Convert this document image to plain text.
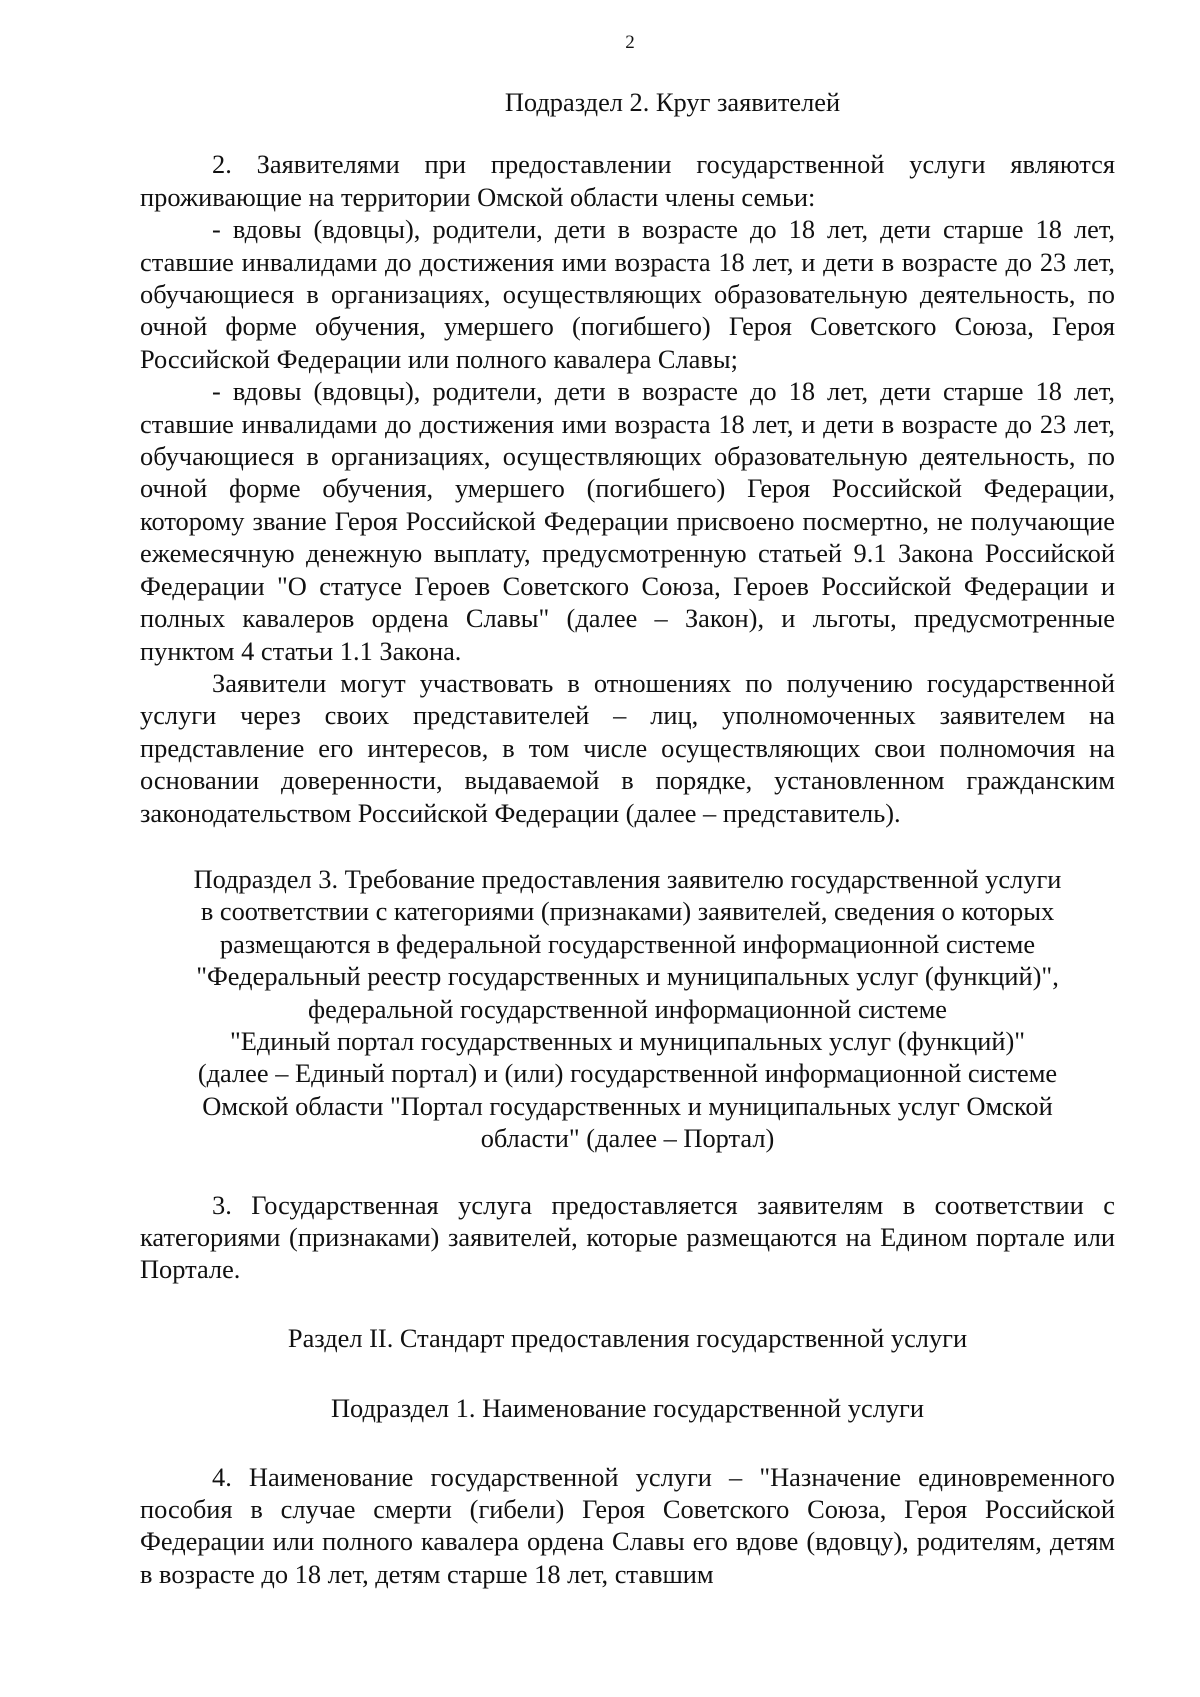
2
Подраздел 2. Круг заявителей

2. Заявителями при предоставлении государственной услуги являются проживающие на территории Омской области члены семьи:

- вдовы (вдовцы), родители, дети в возрасте до 18 лет, дети старше 18 лет, ставшие инвалидами до достижения ими возраста 18 лет, и дети в возрасте до 23 лет, обучающиеся в организациях, осуществляющих образовательную деятельность, по очной форме обучения, умершего (погибшего) Героя Советского Союза, Героя Российской Федерации или полного кавалера Славы;

- вдовы (вдовцы), родители, дети в возрасте до 18 лет, дети старше 18 лет, ставшие инвалидами до достижения ими возраста 18 лет, и дети в возрасте до 23 лет, обучающиеся в организациях, осуществляющих образовательную деятельность, по очной форме обучения, умершего (погибшего) Героя Российской Федерации, которому звание Героя Российской Федерации присвоено посмертно, не получающие ежемесячную денежную выплату, предусмотренную статьей 9.1 Закона Российской Федерации "О статусе Героев Советского Союза, Героев Российской Федерации и полных кавалеров ордена Славы" (далее – Закон), и льготы, предусмотренные пунктом 4 статьи 1.1 Закона.

Заявители могут участвовать в отношениях по получению государственной услуги через своих представителей – лиц, уполномоченных заявителем на представление его интересов, в том числе осуществляющих свои полномочия на основании доверенности, выдаваемой в порядке, установленном гражданским законодательством Российской Федерации (далее – представитель).

Подраздел 3. Требование предоставления заявителю государственной услуги
в соответствии с категориями (признаками) заявителей, сведения о которых
размещаются в федеральной государственной информационной системе
"Федеральный реестр государственных и муниципальных услуг (функций)",
федеральной государственной информационной системе
"Единый портал государственных и муниципальных услуг (функций)"
(далее – Единый портал) и (или) государственной информационной системе
Омской области "Портал государственных и муниципальных услуг Омской
области" (далее – Портал)

3. Государственная услуга предоставляется заявителям в соответствии с категориями (признаками) заявителей, которые размещаются на Едином портале или Портале.

Раздел II. Стандарт предоставления государственной услуги
Подраздел 1. Наименование государственной услуги

4. Наименование государственной услуги – "Назначение единовременного пособия в случае смерти (гибели) Героя Советского Союза, Героя Российской Федерации или полного кавалера ордена Славы его вдове (вдовцу), родителям, детям в возрасте до 18 лет, детям старше 18 лет, ставшим
